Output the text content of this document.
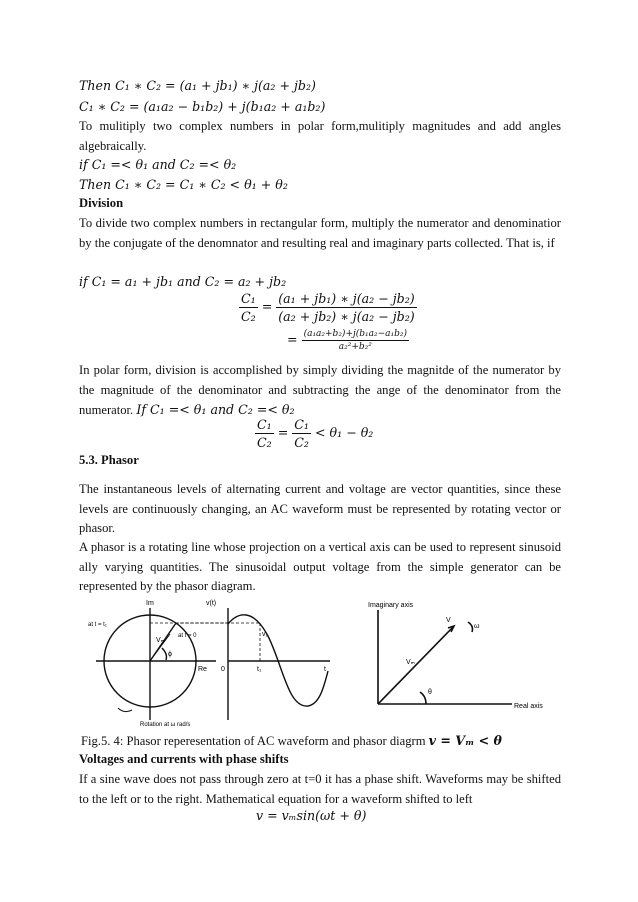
Then C₁ ∗ C₂ = (a₁ + jb₁) ∗ j(a₂ + jb₂)
C₁ ∗ C₂ = (a₁a₂ − b₁b₂) + j(b₁a₂ + a₁b₂)
To mulitiply two complex numbers in polar form,mulitiply magnitudes and add angles algebraically.
if C₁ =< θ₁ and C₂ =< θ₂
Then C₁ ∗ C₂ = C₁ ∗ C₂ < θ₁ + θ₂
Division
To divide two complex numbers in rectangular form, multiply the numerator and denominatior by the conjugate of the denomnator and resulting real and imaginary parts collected. That is, if
if C₁ = a₁ + jb₁ and C₂ = a₂ + jb₂
$\frac{\text{C₁}}{\text{C₂}} = \frac{\text{(a₁ + jb₁) ∗ j(a₂ − jb₂)}}{\text{(a₂ + jb₂) ∗ j(a₂ − jb₂)}}$
= $\frac{\text{(a₁a₂+b₂)+j(b₁a₂−a₁b₂)}}{\text{a₂²+b₂²}}$
In polar form, division is accomplished by simply dividing the magnitde of the numerator by the magnitude of the denominator and subtracting the ange of the denominator from the numerator. If C₁ =< θ₁ and C₂ =< θ₂
$\frac{\text{C₁}}{\text{C₂}} = \frac{\text{C₁}}{\text{C₂}} < \theta_1 - \theta_2$
5.3. Phasor
The instantaneous levels of alternating current and voltage are vector quantities, since these levels are continuously changing, an AC waveform must be represented by rotating vector or phasor.
A phasor is a rotating line whose projection on a vertical axis can be used to represent sinusoid ally varying quantities. The sinusoidal output voltage from the simple generator can be represented by the phasor diagram.
Im	v(t)
Re 0	t₁	t
at t = t₁
at t = 0
Vₘ
ϕ
v₁
Rotation at ω rad/s
Imaginary axis
Real axis
V
ω
Vₘ
θ
Fig.5. 4: Phasor reperesentation of AC waveform and phasor diagrm v = Vₘ < θ
Voltages and currents with phase shifts
If a sine wave does not pass through zero at t=0 it has a phase shift. Waveforms may be shifted to the left or to the right. Mathematical equation for a waveform shifted to left
v = vₘsin(ωt + θ)
